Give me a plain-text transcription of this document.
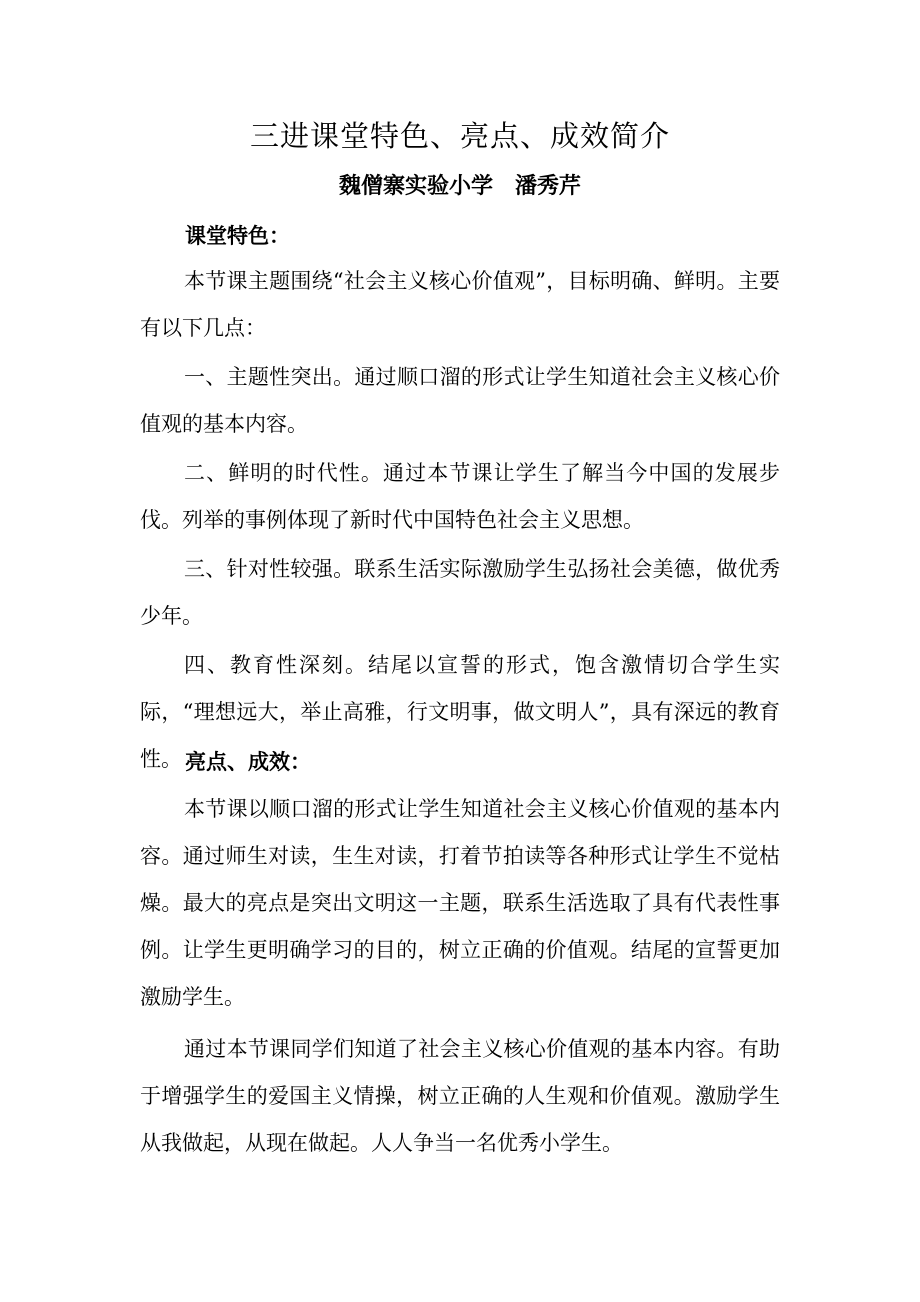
三进课堂特色、亮点、成效简介
魏僧寨实验小学　潘秀芹
课堂特色：

本节课主题围绕“社会主义核心价值观”，目标明确、鲜明。主要有以下几点：

一、主题性突出。通过顺口溜的形式让学生知道社会主义核心价值观的基本内容。

二、鲜明的时代性。通过本节课让学生了解当今中国的发展步伐。列举的事例体现了新时代中国特色社会主义思想。

三、针对性较强。联系生活实际激励学生弘扬社会美德，做优秀少年。

四、教育性深刻。结尾以宣誓的形式，饱含激情切合学生实际，“理想远大，举止高雅，行文明事，做文明人”，具有深远的教育性。 亮点、成效：

本节课以顺口溜的形式让学生知道社会主义核心价值观的基本内容。通过师生对读，生生对读，打着节拍读等各种形式让学生不觉枯燥。最大的亮点是突出文明这一主题，联系生活选取了具有代表性事例。让学生更明确学习的目的，树立正确的价值观。结尾的宣誓更加激励学生。

通过本节课同学们知道了社会主义核心价值观的基本内容。有助于增强学生的爱国主义情操，树立正确的人生观和价值观。激励学生从我做起，从现在做起。人人争当一名优秀小学生。
